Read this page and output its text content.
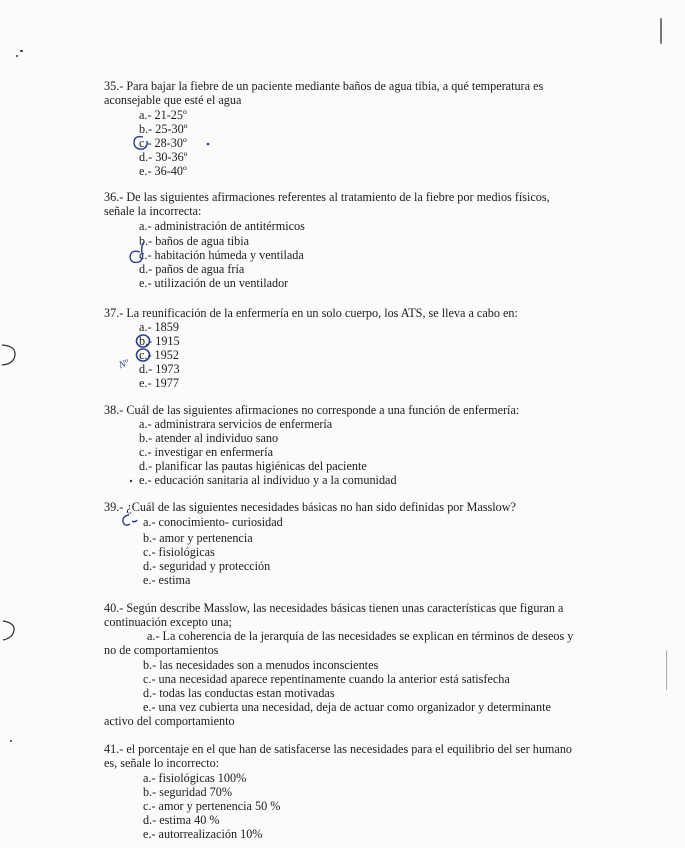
35.- Para bajar la fiebre de un paciente mediante baños de agua tibia, a qué temperatura es
aconsejable que esté el agua
a.- 21-25º
b.- 25-30º
c.- 28-30º
d.- 30-36º
e.- 36-40º
36.- De las siguientes afirmaciones referentes al tratamiento de la fiebre por medios físicos,
señale la incorrecta:
a.- administración de antitérmicos
b.- baños de agua tibia
c.- habitación húmeda y ventilada
d.- paños de agua fría
e.- utilización de un ventilador
37.- La reunificación de la enfermería en un solo cuerpo, los ATS, se lleva a cabo en:
a.- 1859
b.- 1915
c.- 1952
d.- 1973
e.- 1977
Nº
38.- Cuál de las siguientes afirmaciones no corresponde a una función de enfermería:
a.- administrara servicios de enfermería
b.- atender al individuo sano
c.- investigar en enfermería
d.- planificar las pautas higiénicas del paciente
e.- educación sanitaria al individuo y a la comunidad
39.- ¿Cuál de las siguientes necesidades básicas no han sido definidas por Masslow?
a.- conocimiento- curiosidad
b.- amor y pertenencia
c.- fisiológicas
d.- seguridad y protección
e.- estima
40.- Según describe Masslow, las necesidades básicas tienen unas características que figuran a
continuación excepto una;
a.- La coherencia de la jerarquía de las necesidades se explican en términos de deseos y
no de comportamientos
b.- las necesidades son a menudos inconscientes
c.- una necesidad aparece repentinamente cuando la anterior está satisfecha
d.- todas las conductas estan motivadas
e.- una vez cubierta una necesidad, deja de actuar como organizador y determinante
activo del comportamiento
41.- el porcentaje en el que han de satisfacerse las necesidades para el equilibrio del ser humano
es, señale lo incorrecto:
a.- fisiológicas 100%
b.- seguridad 70%
c.- amor y pertenencia 50 %
d.- estima 40 %
e.- autorrealización 10%
